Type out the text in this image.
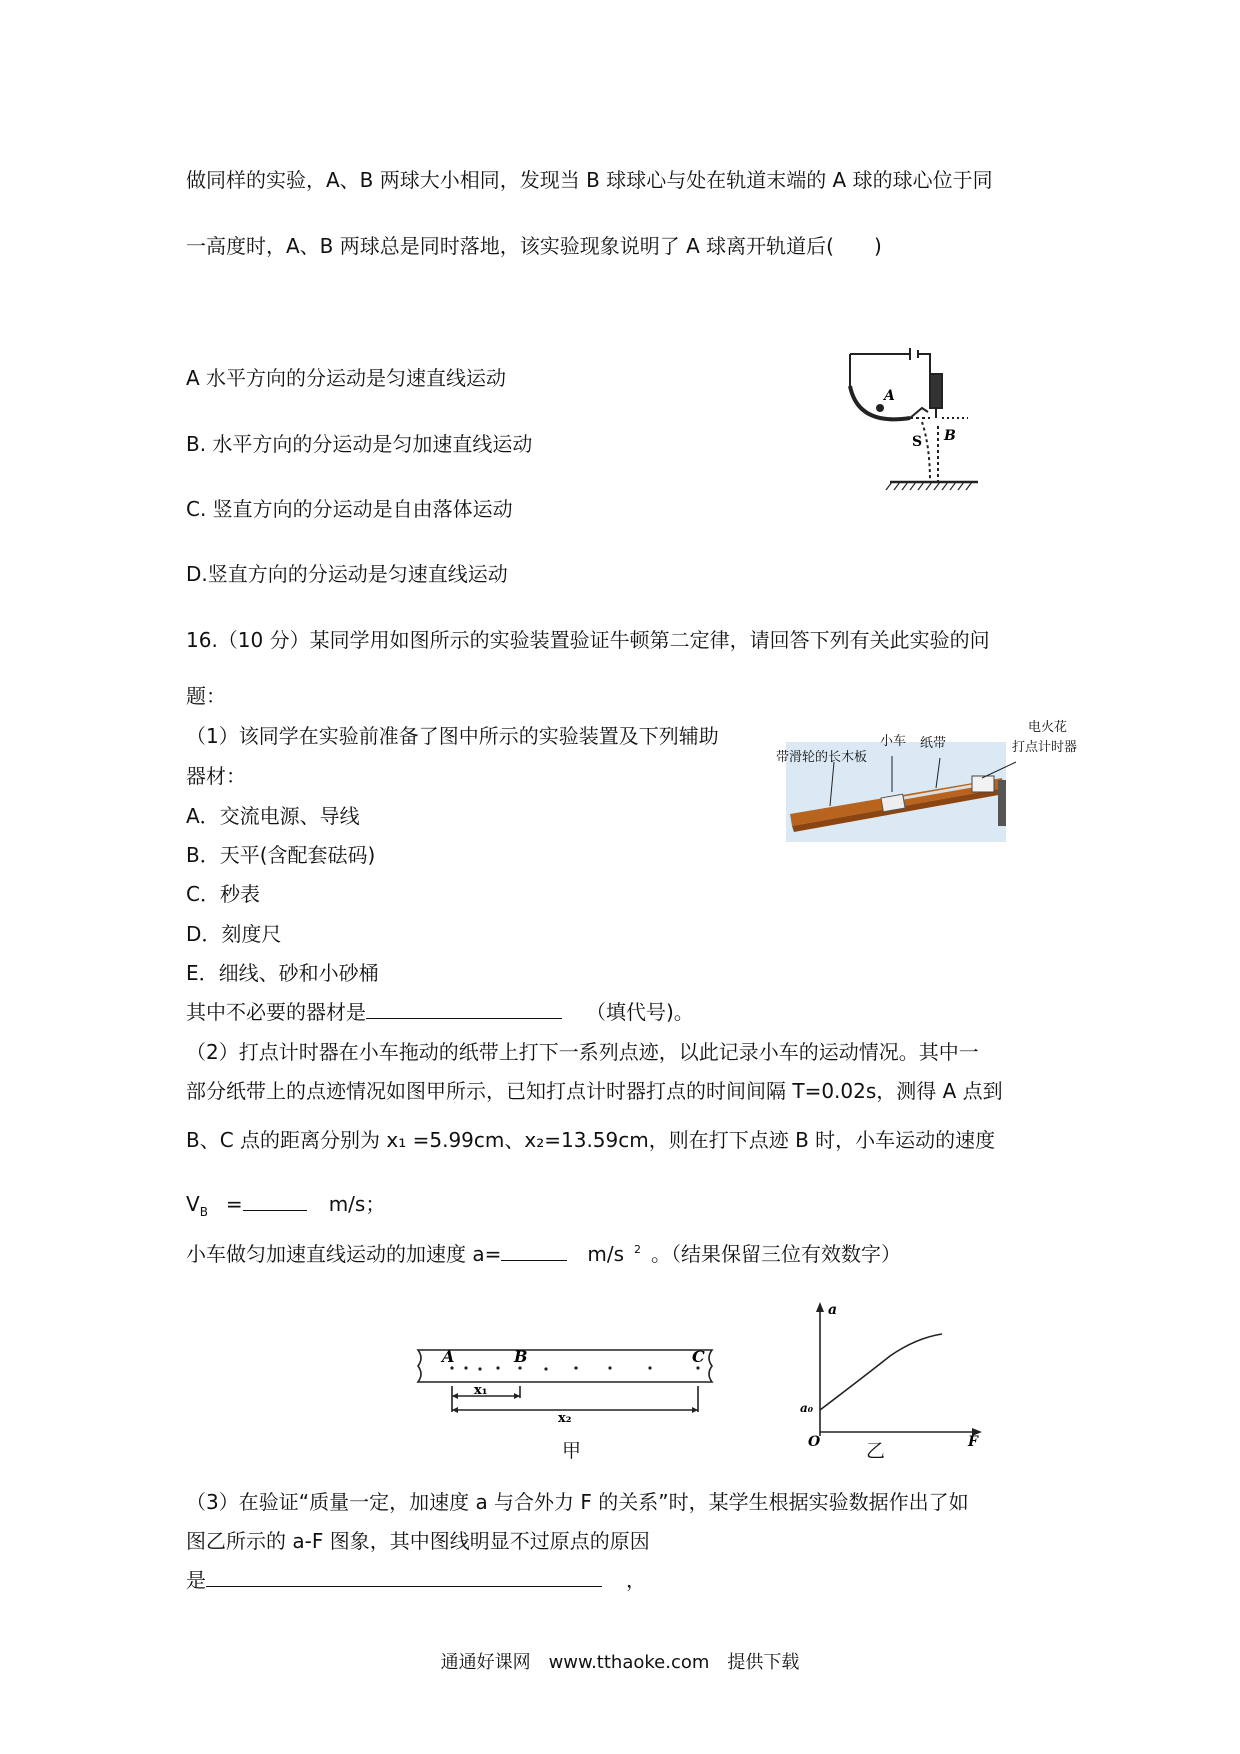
做同样的实验，A、B 两球大小相同，发现当 B 球球心与处在轨道末端的 A 球的球心位于同
一高度时，A、B 两球总是同时落地，该实验现象说明了 A 球离开轨道后(　　)
A 水平方向的分运动是匀速直线运动
B. 水平方向的分运动是匀加速直线运动
C. 竖直方向的分运动是自由落体运动
D.竖直方向的分运动是匀速直线运动
A
S B
16.（10 分）某同学用如图所示的实验装置验证牛顿第二定律，请回答下列有关此实验的问
题：
（1）该同学在实验前准备了图中所示的实验装置及下列辅助
器材：
A．交流电源、导线
B．天平(含配套砝码)
C．秒表
D．刻度尺
E．细线、砂和小砂桶
其中不必要的器材是	（填代号)。
带滑轮的长木板
小车 纸带
电火花
打点计时器
（2）打点计时器在小车拖动的纸带上打下一系列点迹，以此记录小车的运动情况。其中一
部分纸带上的点迹情况如图甲所示，已知打点计时器打点的时间间隔 T=0.02s，测得 A 点到
B、C 点的距离分别为 x₁ =5.99cm、x₂=13.59cm，则在打下点迹 B 时，小车运动的速度
$V_B$ =	m/s；
小车做匀加速直线运动的加速度 a=	m/s $^2$ 。（结果保留三位有效数字）
A	B	C
x₁
x₂
甲
a
a₀
O	F
乙
（3）在验证“质量一定，加速度 a 与合外力 F 的关系”时，某学生根据实验数据作出了如
图乙所示的 a-F 图象，其中图线明显不过原点的原因
是	，
通通好课网　www.tthaoke.com　提供下载
